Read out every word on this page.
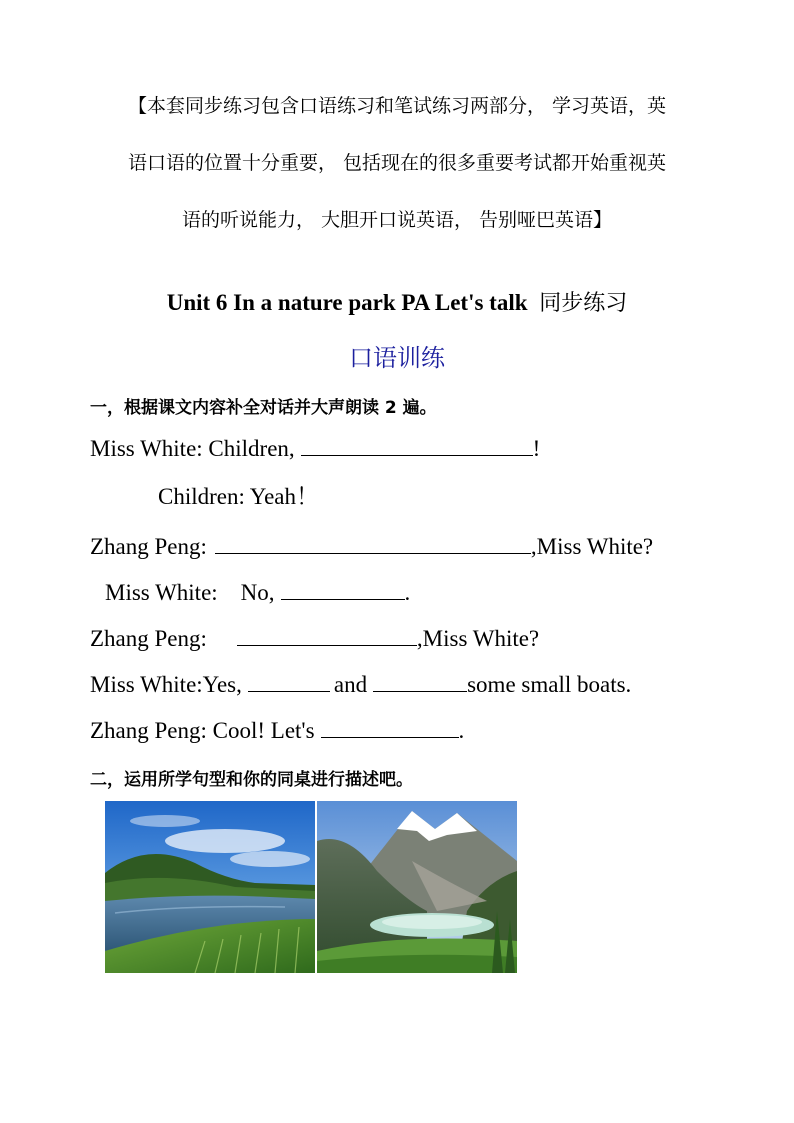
【本套同步练习包含口语练习和笔试练习两部分， 学习英语，英
语口语的位置十分重要， 包括现在的很多重要考试都开始重视英
语的听说能力， 大胆开口说英语， 告别哑巴英语】
Unit 6 In a nature park PA Let's talk 同步练习
口语训练
一，根据课文内容补全对话并大声朗读 2 遍。
Miss White: Children,	!
Children: Yeah！
Zhang Peng:	,Miss White?
Miss White:    No,	.
Zhang Peng:	,Miss White?
Miss White:Yes,	and	some small boats.
Zhang Peng: Cool! Let's	.
二，运用所学句型和你的同桌进行描述吧。
